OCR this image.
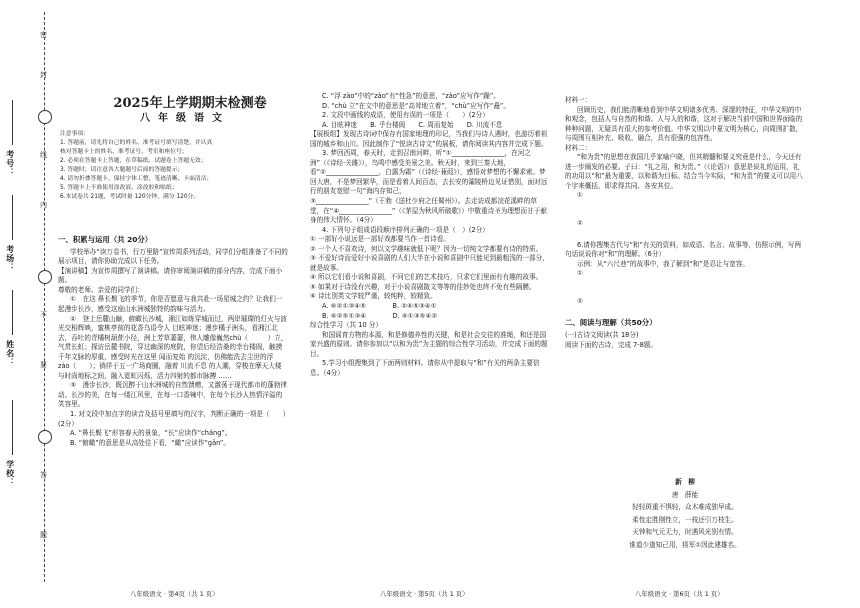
考号：
考场：
姓名：
学校：
密
封
线
内
不
要
答
题
2025年上学期期末检测卷
八年级语文

注意事项：

1. 答题前，请先将自己的姓名、准考证号填写清楚，并认真

核对答题卡上的姓名、准考证号、考室和座位号；

2. 必须在答题卡上答题，在草稿纸、试题卷上答题无效；

3. 答题时，请注意各大题题号后面的答题提示；

4. 请勿折叠答题卡，保持字体工整、笔迹清晰、卡面清洁；

5. 答题卡上不准使用涂改液、涂改胶和贴纸；

6.本试卷共 21题，考试时量 120分钟，满分 120分。

一、积累与运用（共 20分）

学校举办“读万卷书，行万里路”宣传周系列活动，同学们分组准备了不同的展示项目，请你协助完成以下任务。

【演讲稿】为宣传周撰写了演讲稿。请你审阅演讲稿的部分内容，完成下面小题。

尊敬的老师、亲爱的同学们：

①　在这 鼻长鬓飞的季节，你是否愿意与我共赴一场星城之约？让我们一起漫步长沙，感受这座山水洲城独特的韵味与活力。

②　登上岳麓山巅，俯瞰长沙城，湘江如练穿城而过，两岸璀璨的灯火与波光交相辉映，蜜桃亭前的花香乌语令人 目眩神迷；漫步橘子洲头，看湘江北去，吞吐的青橘树葫蔗小径，洲上芳草萋萋，伟人雕像巍然chù（　　　）立，气贯长虹；探访岳麓书院，穿过幽深的庭院，你望后经浩桑的幸台楼阁，触摸千年文脉的厚重，感受时光在这里 闻而复始 的沉淀，仿佛能洗去尘世的浮　zào（　　）；徜徉于五一广场商圈，融着 川流不息 的人潮，穿梭在摩天大楼与时尚地标之间，融入霓虹闪烁，活力四射的都市脉搏 ……

③　漫步长沙，既沉醉于山水洲城的自然馈赠，又激荡于现代都市的蓬勃律动。长沙的美，在每一缕江风里，在每一口香辣中，在每个长沙人热情洋溢的笑容里。

1. 对文段中加点字的读音及括号里填写的汉字，判断正确的一项是（　　）(2分）

A. “鼻长鬓飞”形容春天的景象，“长”应读作“cháng”。

B. “俯瞰”的意思是从高处往下看，“瞰”应读作“gǎn”。

C. “浮 zào”中的“zào”有“性急”的意思，“zào”应写作“躁”。

D. “chù 立”在文中的意思是“高耸地立着”，“chù”应写作“矗”。

2. 文段中画线的成语，使用有误的一项是（　　）(2分）

A. 目眩神迷　　B. 乎台楼阁　　C. 周而复始　　D. 川流不息

【展板组】发现古诗词中保存有国家地理的印记，当我们与诗人遇时，也游历着祖国的城乡和山川。因此制作了“悦读古诗文”的展板，请你阅读其内容并完成下题。

3. 梦回西周，春天时，走到召南河畔，听“①________________，在河之洲”（《诗经·关雎》），鸟鸣中感受美景之美。秋天时，来到三秦大地，看“②________________，白露为霜”（《诗经·蒹葭》），感悟对梦想的不懈求索。梦回大唐，不是梦回繁华，而是看着人间百态，去长安的灞陵桥边见证惜别，面对远行的朋友宽慰一句“海内存知己，

③________________”（王勃《送杜少府之任蜀州》）。去走访成都浣花溪畔的草堂，在“④________________”（《茅屋为秋风所破歌》）中敬重诗圣为理想而甘于献身的伟大情怀。（4分）

4. 下列句子组成语段顺序排列正确的一项是（　）(2分）

① 一部好小说远是一部好戏都要当作一首诗看。

② 一个人不喜欢诗，何以文学趣味就低下呢？因为一切纯文学都要有诗的特质。

③ 不爱好诗而爱好小说喜剧的人们大半在小说和喜剧中只能见到最粗浅的一部分，就是故事。

④ 所以它们看小说和喜剧，不问它们的艺术技巧，只求它们里面有有趣的故事。

⑤ 如果对于诗没有兴趣，对于小说喜剧散文等等的佳妙处也终不免有些隔膜。

⑥ 诗比别类文学较严谨，较纯粹，较精致。

A. ⑥②①③④⑤　　　　B. ②⑥⑤③④①

B. ⑥②⑤①③④　　　　D. ⑥①③⑤④②

综合性学习（共 10 分）

和国谣育方物的本源，和是修德养性的关键，和是社会交往的准绳，和还是国家兴盛的原则。请你参加以“以和为贵”为主题的综合性学习活动，并完成下面的题目。

5.学习小组搜集到了下面两则材料。请你从中提取与“和”有关的两条主要信息。（4分）

材料一：

回顾历史，我们能清晰地看到中华文明诸多优秀、深邃的特征，中华文明的中和观念，包括人与自然的和谐、人与人的和谐，这对于解决当前中国和世界面临的种种问题，无疑具有很大的参考价值。中华文明以中夏文明为核心，向周围扩散，与周围互相补充、吸收、融合，具有很强的包容性。

材料二：

“和为贵”的思想在我国几乎家喻户晓，但其精髓和要义究竟是什么，今天还有进一步阐发的必要。子曰：“礼之用，和为贵。”（《论语》）意思是说礼的运用，礼的功用以“和”最为重要，以和谐为目标。结合当今实际，“和为贵”的要义可以用八个字来概括，即求得共同、各安其位。

①

②

6.请你搜集古代与“和”有关的资料，如成语、名言、故事等，仿照示例，写两句话说说你对“和”的理解。（6分）

示例：从“六尺巷”的故事中，我了解到“和”是忍让与宽容。

①

②

二、阅读与理解（共50分）

(一)古诗文阅读(共 18分)

阅读下面的古诗，完成 7-8题。

新　柳

唐　薛能

轻轻斑重不惧轻，众木难成独早成。

柔性定胜刚性立，一枝还引万枝生。

天钟和气元无力，时遇风光别有情。

谁道少逢知己用，将军①因此建雄名。

八年级语文 · 第4页（共 1 页）	八年级语文 · 第5页（共 1 页）	八年级语文 · 第6页（共 1 页）
